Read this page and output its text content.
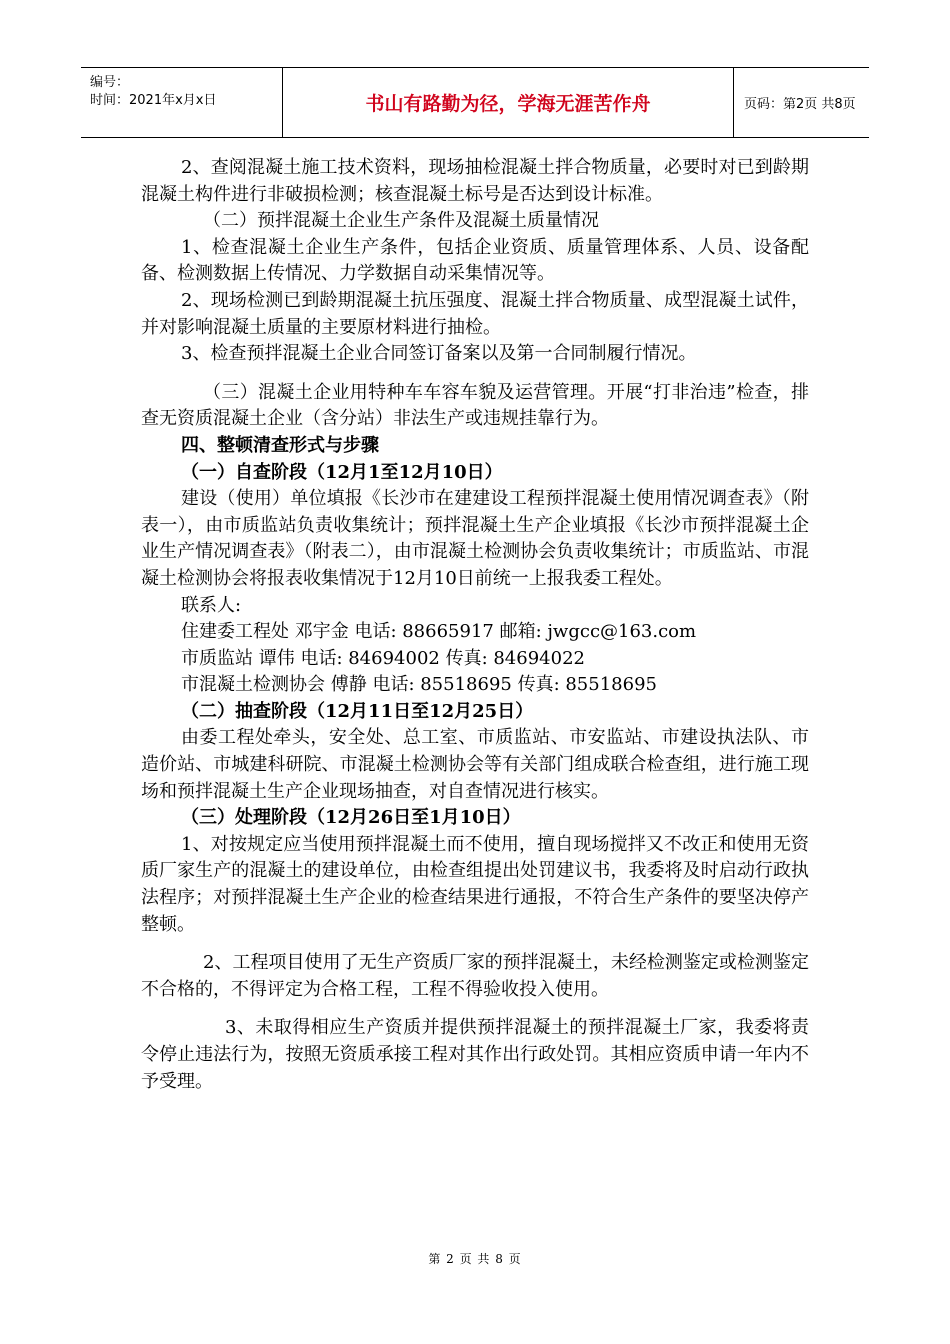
编号：
时间：2021年x月x日	书山有路勤为径，学海无涯苦作舟	页码：第2页 共8页

2、查阅混凝土施工技术资料，现场抽检混凝土拌合物质量，必要时对已到龄期混凝土构件进行非破损检测；核查混凝土标号是否达到设计标准。

（二）预拌混凝土企业生产条件及混凝土质量情况

1、检查混凝土企业生产条件，包括企业资质、质量管理体系、人员、设备配备、检测数据上传情况、力学数据自动采集情况等。

2、现场检测已到龄期混凝土抗压强度、混凝土拌合物质量、成型混凝土试件，并对影响混凝土质量的主要原材料进行抽检。

3、检查预拌混凝土企业合同签订备案以及第一合同制履行情况。

（三）混凝土企业用特种车车容车貌及运营管理。开展“打非治违”检查，排查无资质混凝土企业（含分站）非法生产或违规挂靠行为。

四、整顿清查形式与步骤

（一）自查阶段（12月1至12月10日）

建设（使用）单位填报《长沙市在建建设工程预拌混凝土使用情况调查表》（附表一），由市质监站负责收集统计；预拌混凝土生产企业填报《长沙市预拌混凝土企业生产情况调查表》（附表二），由市混凝土检测协会负责收集统计；市质监站、市混凝土检测协会将报表收集情况于12月10日前统一上报我委工程处。

联系人:

住建委工程处 邓宇金 电话: 88665917 邮箱: jwgcc@163.com

市质监站 谭伟 电话: 84694002 传真: 84694022

市混凝土检测协会 傅静 电话: 85518695 传真: 85518695

（二）抽查阶段（12月11日至12月25日）

由委工程处牵头，安全处、总工室、市质监站、市安监站、市建设执法队、市造价站、市城建科研院、市混凝土检测协会等有关部门组成联合检查组，进行施工现场和预拌混凝土生产企业现场抽查，对自查情况进行核实。

（三）处理阶段（12月26日至1月10日）

1、对按规定应当使用预拌混凝土而不使用，擅自现场搅拌又不改正和使用无资质厂家生产的混凝土的建设单位，由检查组提出处罚建议书，我委将及时启动行政执法程序；对预拌混凝土生产企业的检查结果进行通报，不符合生产条件的要坚决停产整顿。

2、工程项目使用了无生产资质厂家的预拌混凝土，未经检测鉴定或检测鉴定不合格的，不得评定为合格工程，工程不得验收投入使用。

3、未取得相应生产资质并提供预拌混凝土的预拌混凝土厂家，我委将责令停止违法行为，按照无资质承接工程对其作出行政处罚。其相应资质申请一年内不予受理。

第 2 页 共 8 页
